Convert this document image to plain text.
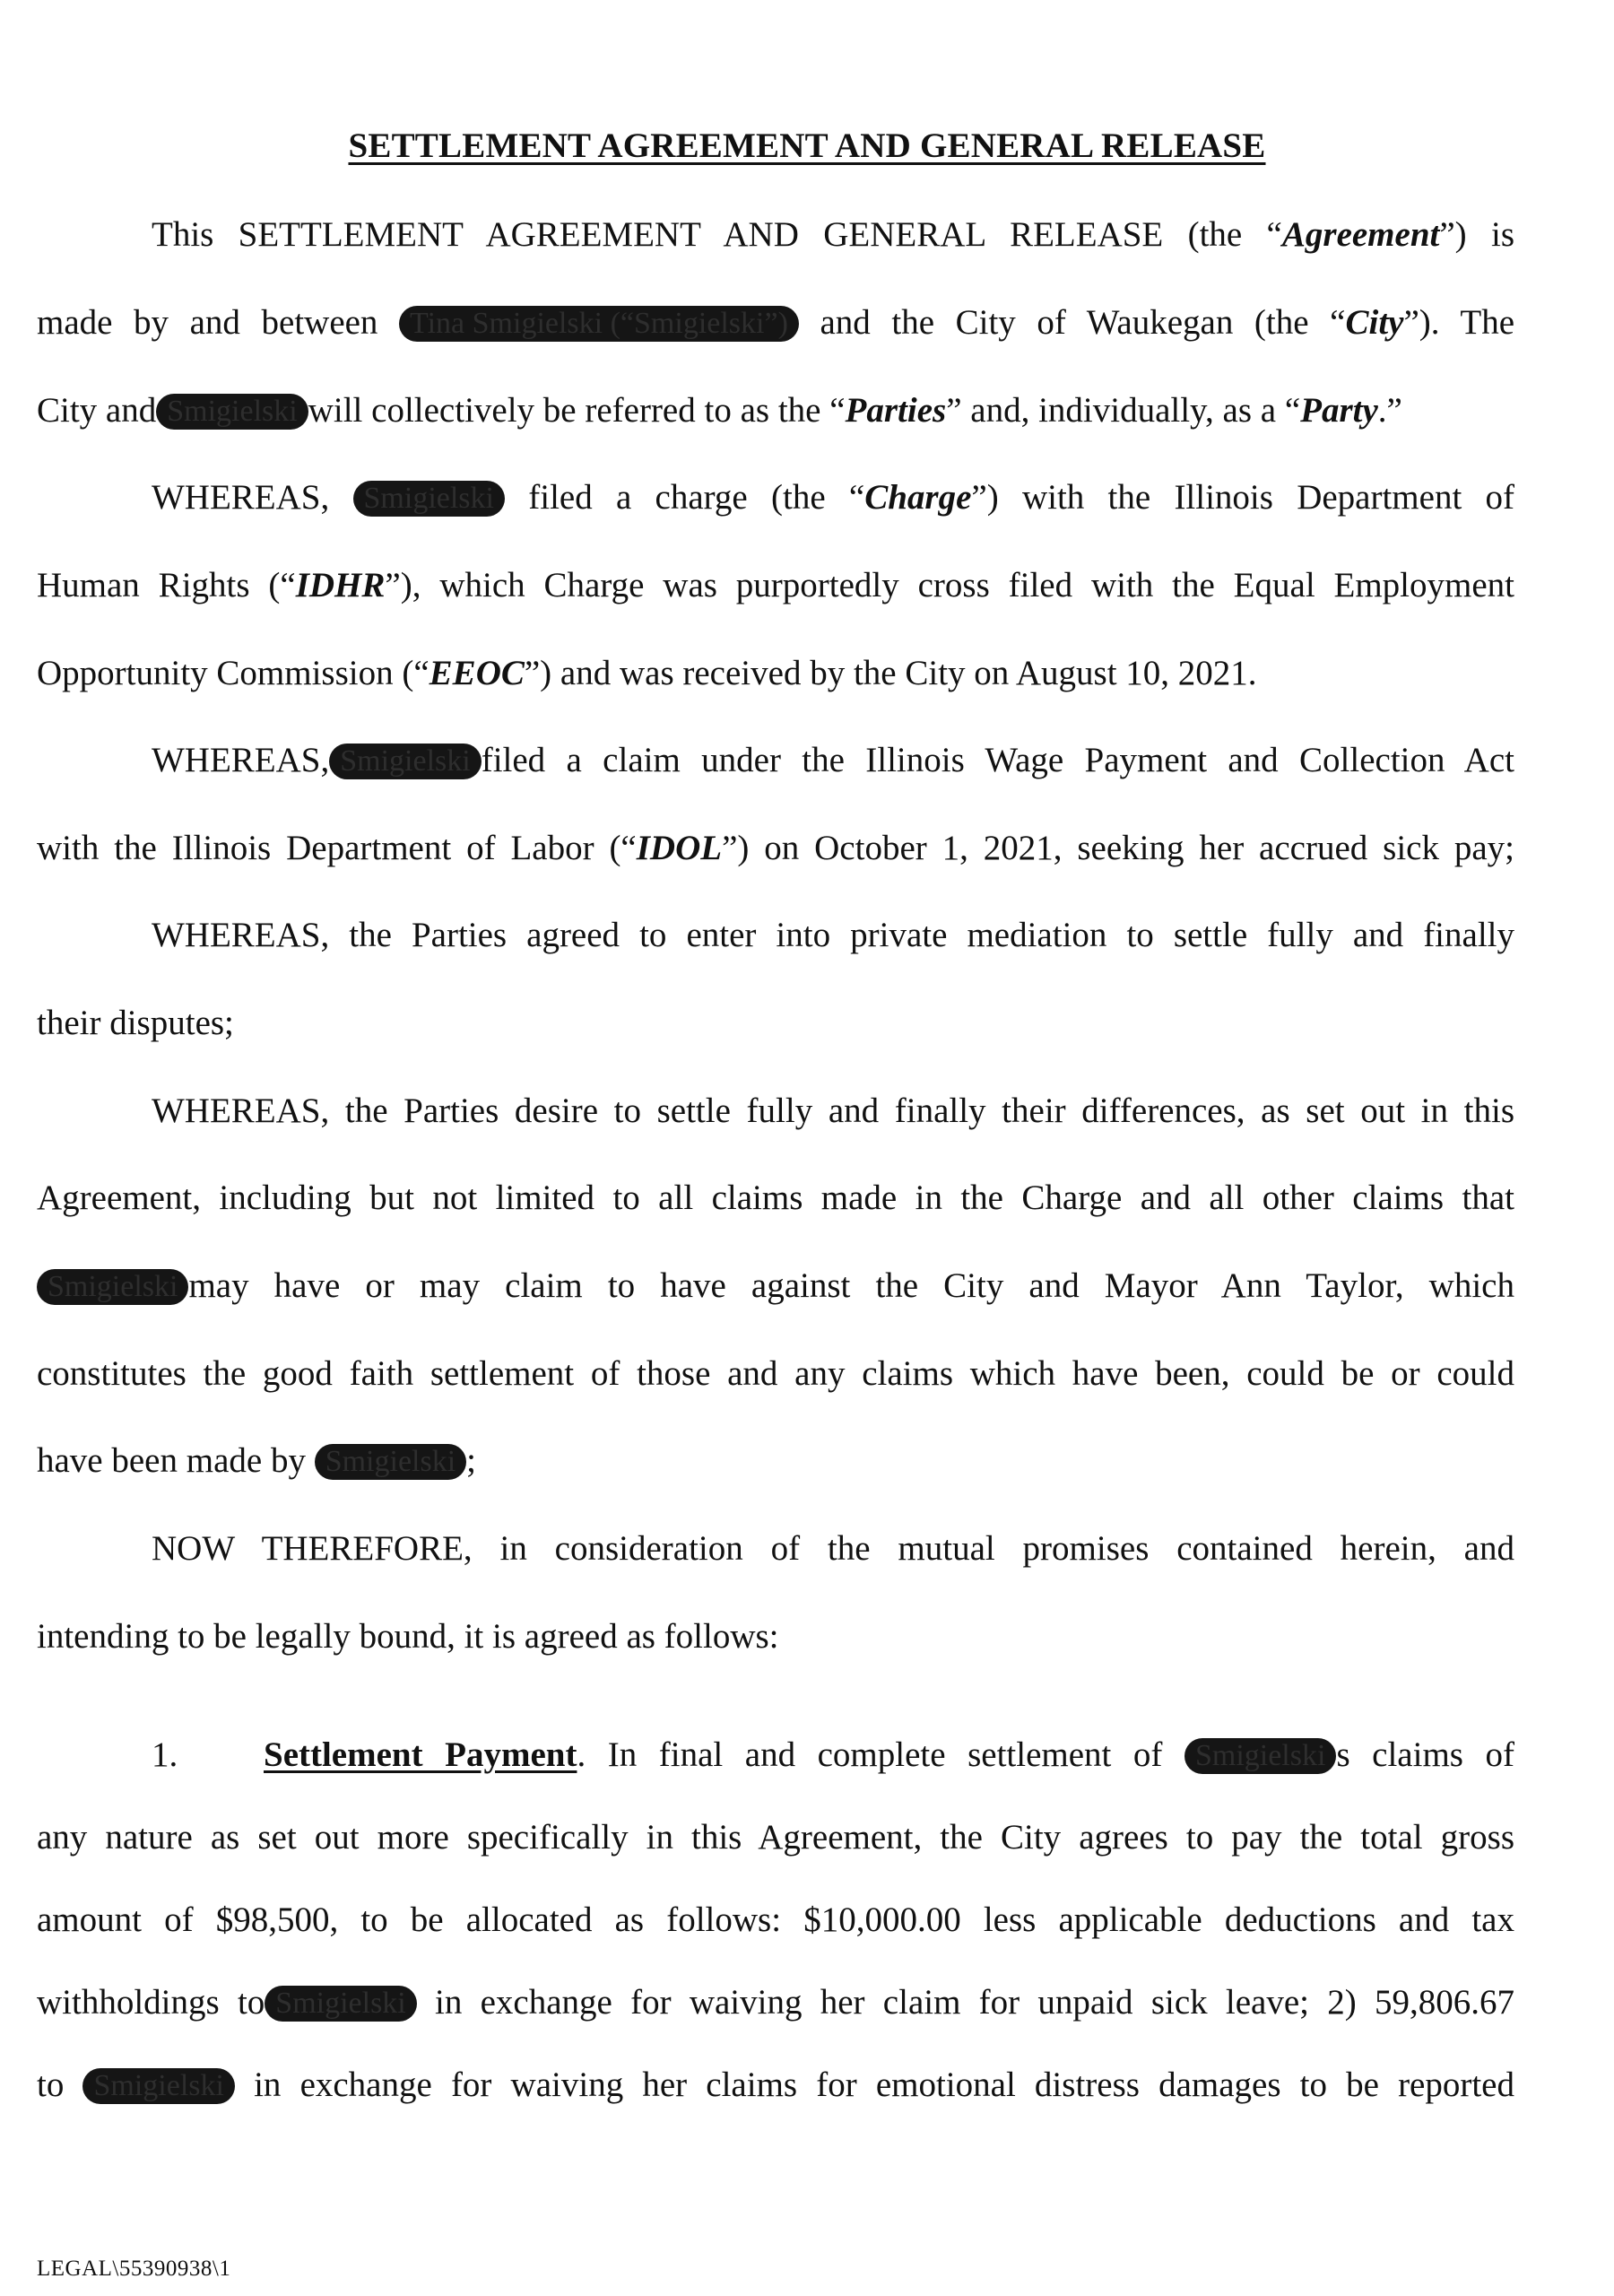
SETTLEMENT AGREEMENT AND GENERAL RELEASE
This SETTLEMENT AGREEMENT AND GENERAL RELEASE (the “Agreement”) is
made by and between Tina Smigielski (“Smigielski”) and the City of Waukegan (the “City”). The
City and Smigielski will collectively be referred to as the “Parties” and, individually, as a “Party.”
WHEREAS, Smigielski filed a charge (the “Charge”) with the Illinois Department of
Human Rights (“IDHR”), which Charge was purportedly cross filed with the Equal Employment
Opportunity Commission (“EEOC”) and was received by the City on August 10, 2021.
WHEREAS, Smigielski filed a claim under the Illinois Wage Payment and Collection Act
with the Illinois Department of Labor (“IDOL”) on October 1, 2021, seeking her accrued sick pay;
WHEREAS, the Parties agreed to enter into private mediation to settle fully and finally
their disputes;
WHEREAS, the Parties desire to settle fully and finally their differences, as set out in this
Agreement, including but not limited to all claims made in the Charge and all other claims that
Smigielski may have or may claim to have against the City and Mayor Ann Taylor, which
constitutes the good faith settlement of those and any claims which have been, could be or could
have been made by Smigielski ;
NOW THEREFORE, in consideration of the mutual promises contained herein, and
intending to be legally bound, it is agreed as follows:
1. Settlement Payment. In final and complete settlement of Smigielski s claims of
any nature as set out more specifically in this Agreement, the City agrees to pay the total gross
amount of $98,500, to be allocated as follows: $10,000.00 less applicable deductions and tax
withholdings to Smigielski in exchange for waiving her claim for unpaid sick leave; 2) 59,806.67
to Smigielski in exchange for waiving her claims for emotional distress damages to be reported
LEGAL\55390938\1
